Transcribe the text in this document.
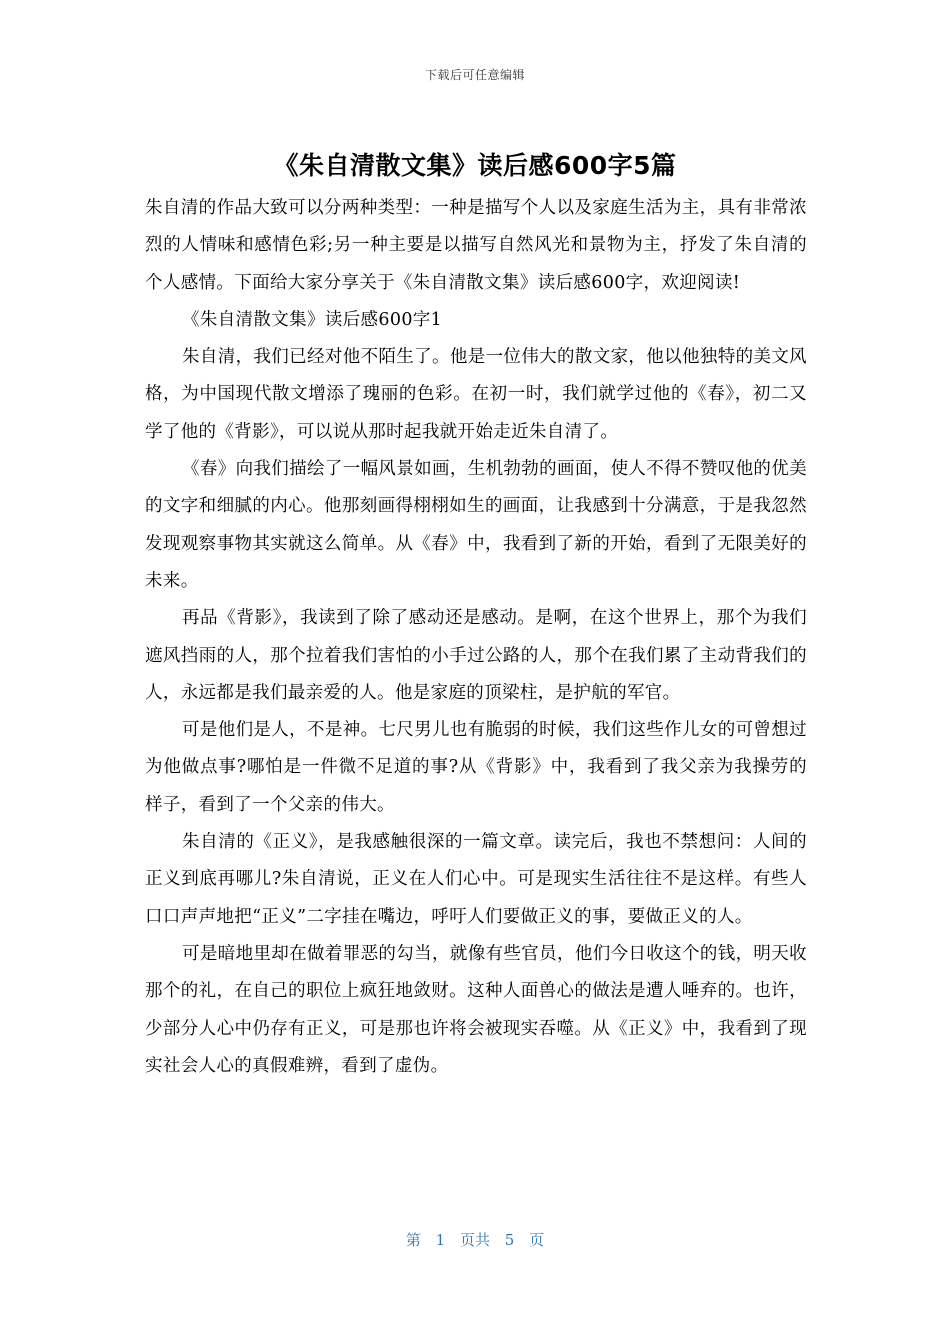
下载后可任意编辑
《朱自清散文集》读后感600字5篇

朱自清的作品大致可以分两种类型：一种是描写个人以及家庭生活为主，具有非常浓烈的人情味和感情色彩;另一种主要是以描写自然风光和景物为主，抒发了朱自清的个人感情。下面给大家分享关于《朱自清散文集》读后感600字，欢迎阅读!

《朱自清散文集》读后感600字1

朱自清，我们已经对他不陌生了。他是一位伟大的散文家，他以他独特的美文风格，为中国现代散文增添了瑰丽的色彩。在初一时，我们就学过他的《春》，初二又学了他的《背影》，可以说从那时起我就开始走近朱自清了。

《春》向我们描绘了一幅风景如画，生机勃勃的画面，使人不得不赞叹他的优美的文字和细腻的内心。他那刻画得栩栩如生的画面，让我感到十分满意，于是我忽然发现观察事物其实就这么简单。从《春》中，我看到了新的开始，看到了无限美好的未来。

再品《背影》，我读到了除了感动还是感动。是啊，在这个世界上，那个为我们遮风挡雨的人，那个拉着我们害怕的小手过公路的人，那个在我们累了主动背我们的人，永远都是我们最亲爱的人。他是家庭的顶梁柱，是护航的军官。

可是他们是人，不是神。七尺男儿也有脆弱的时候，我们这些作儿女的可曾想过为他做点事?哪怕是一件微不足道的事?从《背影》中，我看到了我父亲为我操劳的样子，看到了一个父亲的伟大。

朱自清的《正义》，是我感触很深的一篇文章。读完后，我也不禁想问：人间的正义到底再哪儿?朱自清说，正义在人们心中。可是现实生活往往不是这样。有些人口口声声地把“正义”二字挂在嘴边，呼吁人们要做正义的事，要做正义的人。

可是暗地里却在做着罪恶的勾当，就像有些官员，他们今日收这个的钱，明天收那个的礼，在自己的职位上疯狂地敛财。这种人面兽心的做法是遭人唾弃的。也许，少部分人心中仍存有正义，可是那也许将会被现实吞噬。从《正义》中，我看到了现实社会人心的真假难辨，看到了虚伪。

第 1 页共 5 页
